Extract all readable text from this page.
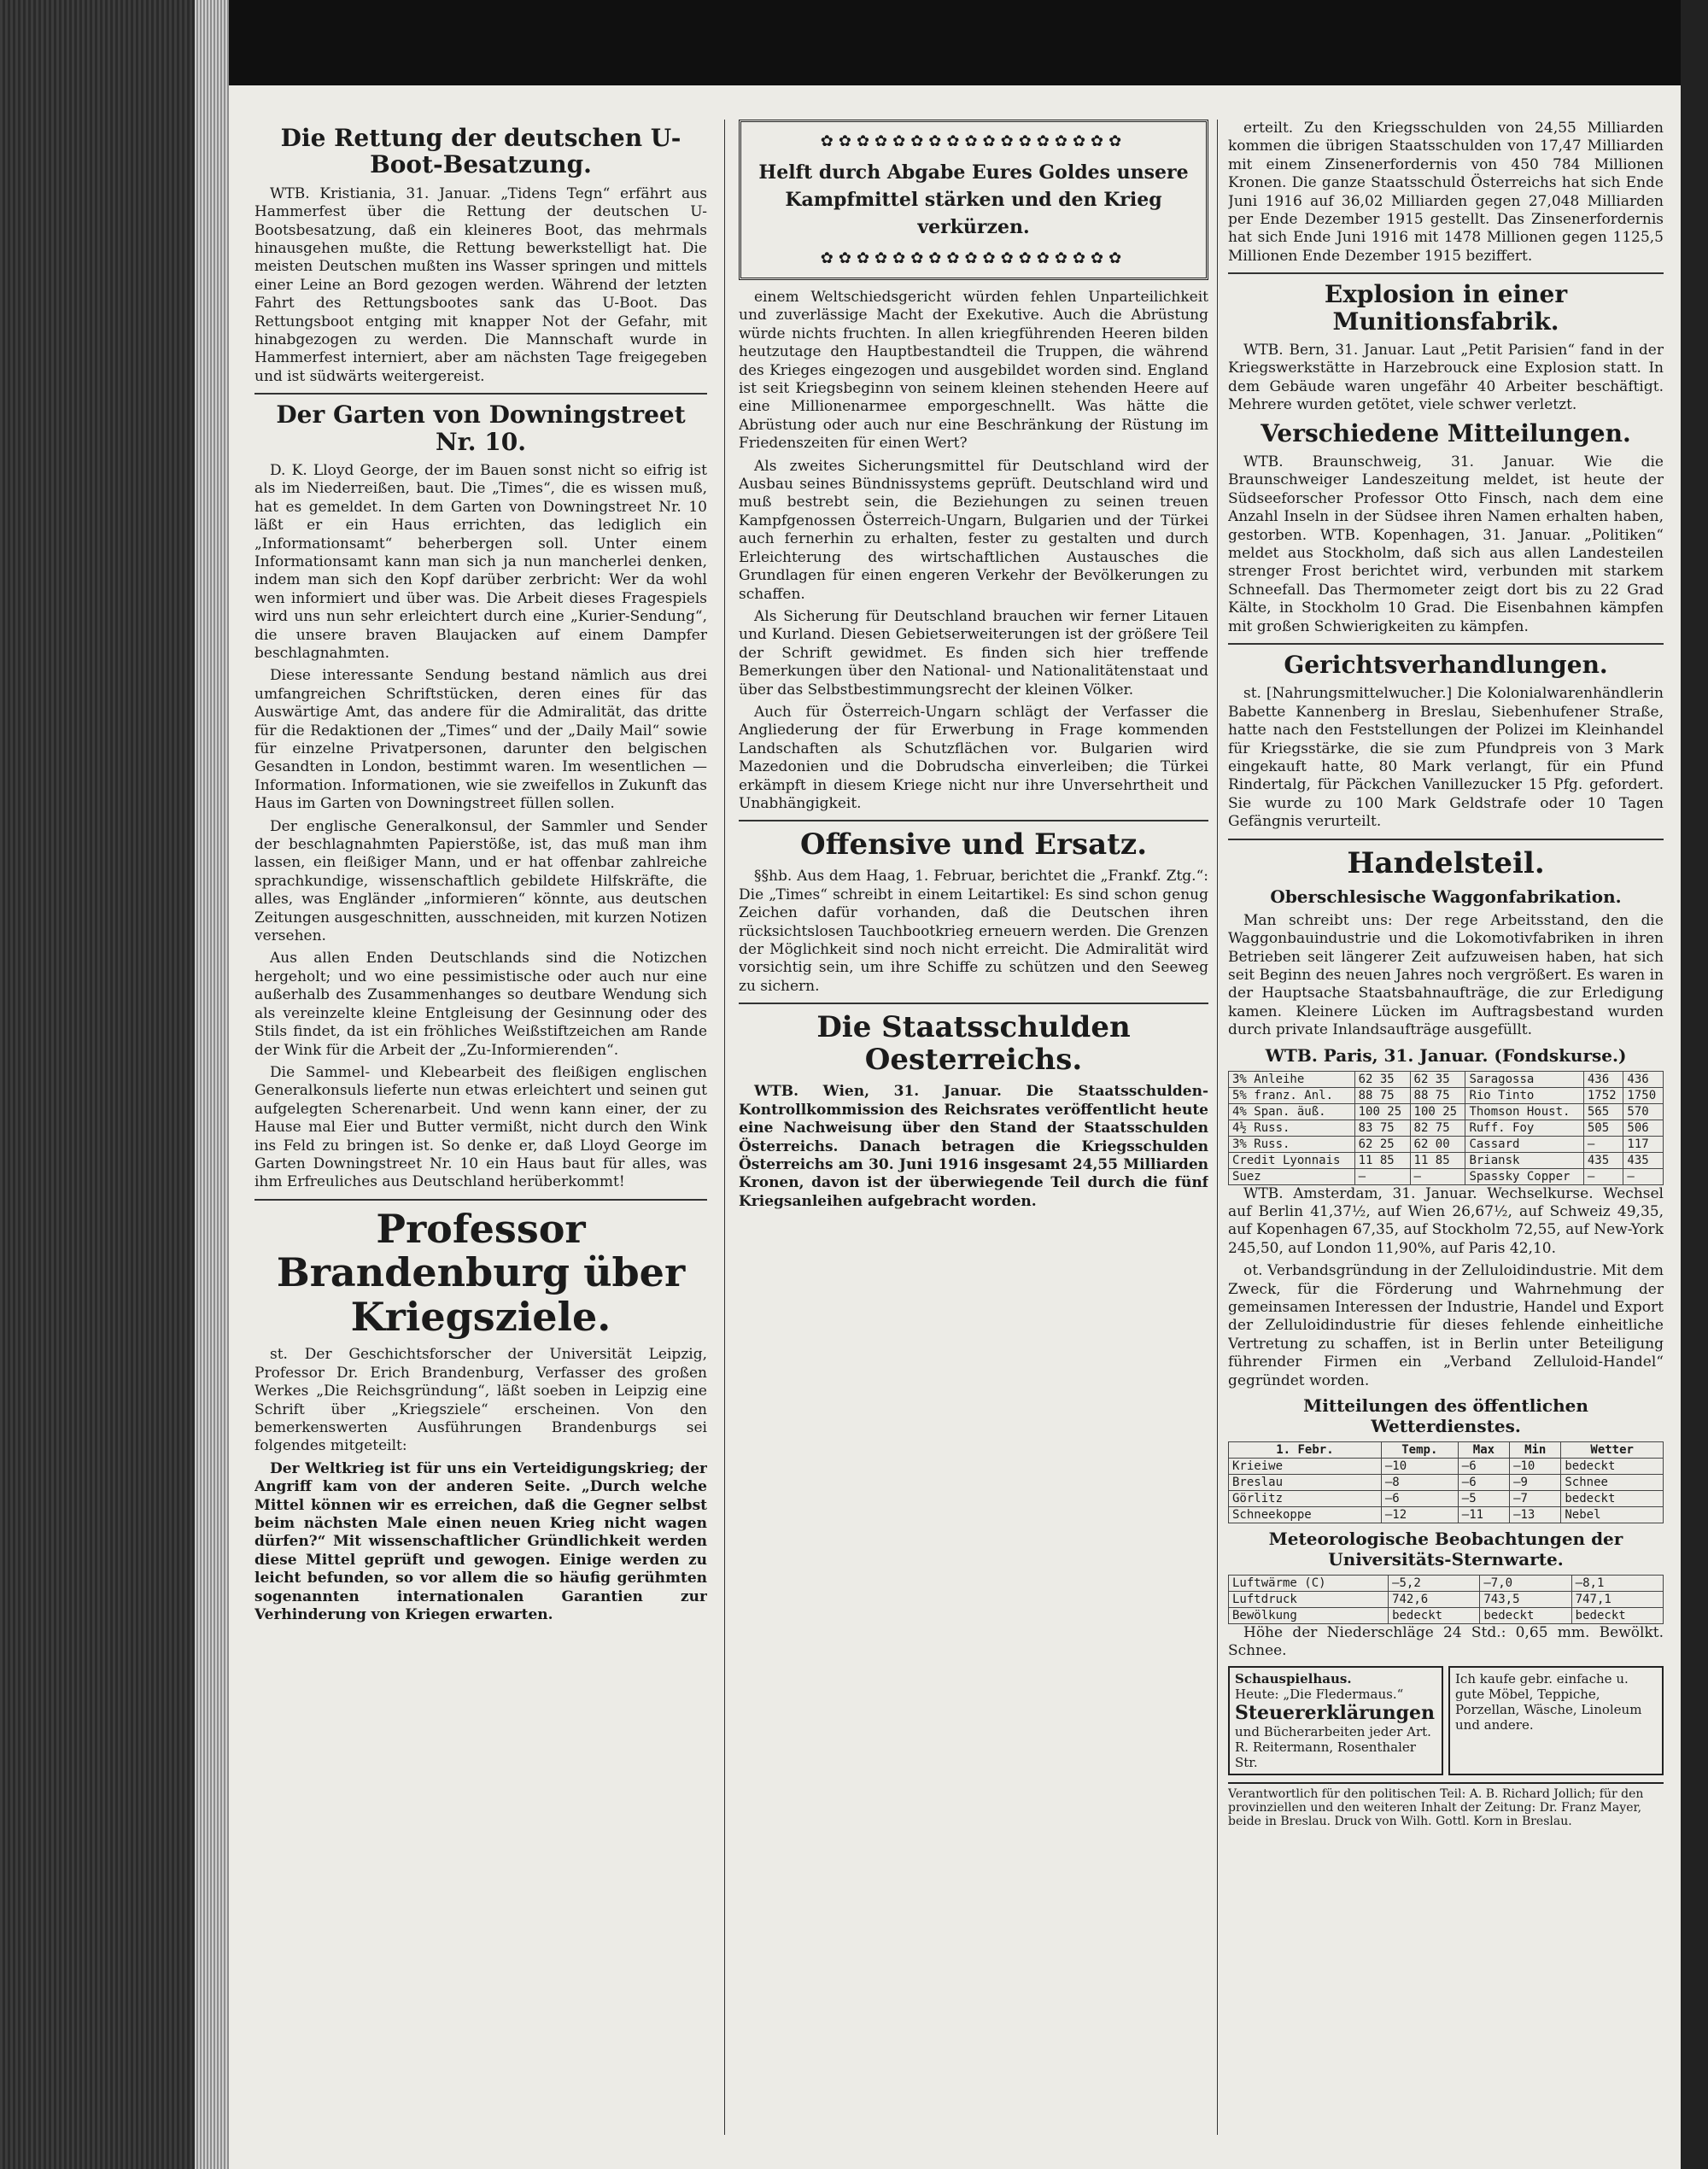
Die Rettung der deutschen U-Boot-Besatzung.

WTB. Kristiania, 31. Januar. „Tidens Tegn“ erfährt aus Hammerfest über die Rettung der deutschen U-Bootsbesatzung, daß ein kleineres Boot, das mehrmals hinausgehen mußte, die Rettung bewerkstelligt hat. Die meisten Deutschen mußten ins Wasser springen und mittels einer Leine an Bord gezogen werden. Während der letzten Fahrt des Rettungsbootes sank das U-Boot. Das Rettungsboot entging mit knapper Not der Gefahr, mit hinabgezogen zu werden. Die Mannschaft wurde in Hammerfest interniert, aber am nächsten Tage freigegeben und ist südwärts weitergereist.

Der Garten von Downingstreet Nr. 10.

D. K. Lloyd George, der im Bauen sonst nicht so eifrig ist als im Niederreißen, baut. Die „Times“, die es wissen muß, hat es gemeldet. In dem Garten von Downingstreet Nr. 10 läßt er ein Haus errichten, das lediglich ein „Informationsamt“ beherbergen soll. Unter einem Informationsamt kann man sich ja nun mancherlei denken, indem man sich den Kopf darüber zerbricht: Wer da wohl wen informiert und über was. Die Arbeit dieses Fragespiels wird uns nun sehr erleichtert durch eine „Kurier-Sendung“, die unsere braven Blaujacken auf einem Dampfer beschlagnahmten.

Diese interessante Sendung bestand nämlich aus drei umfangreichen Schriftstücken, deren eines für das Auswärtige Amt, das andere für die Admiralität, das dritte für die Redaktionen der „Times“ und der „Daily Mail“ sowie für einzelne Privatpersonen, darunter den belgischen Gesandten in London, bestimmt waren. Im wesentlichen — Information. Informationen, wie sie zweifellos in Zukunft das Haus im Garten von Downingstreet füllen sollen.

Der englische Generalkonsul, der Sammler und Sender der beschlagnahmten Papierstöße, ist, das muß man ihm lassen, ein fleißiger Mann, und er hat offenbar zahlreiche sprachkundige, wissenschaftlich gebildete Hilfskräfte, die alles, was Engländer „informieren“ könnte, aus deutschen Zeitungen ausgeschnitten, ausschneiden, mit kurzen Notizen versehen.

Aus allen Enden Deutschlands sind die Notizchen hergeholt; und wo eine pessimistische oder auch nur eine außerhalb des Zusammenhanges so deutbare Wendung sich als vereinzelte kleine Entgleisung der Gesinnung oder des Stils findet, da ist ein fröhliches Weißstiftzeichen am Rande der Wink für die Arbeit der „Zu-Informierenden“.

Die Sammel- und Klebearbeit des fleißigen englischen Generalkonsuls lieferte nun etwas erleichtert und seinen gut aufgelegten Scherenarbeit. Und wenn kann einer, der zu Hause mal Eier und Butter vermißt, nicht durch den Wink ins Feld zu bringen ist. So denke er, daß Lloyd George im Garten Downingstreet Nr. 10 ein Haus baut für alles, was ihm Erfreuliches aus Deutschland herüberkommt!

Professor Brandenburg über Kriegsziele.

st. Der Geschichtsforscher der Universität Leipzig, Professor Dr. Erich Brandenburg, Verfasser des großen Werkes „Die Reichsgründung“, läßt soeben in Leipzig eine Schrift über „Kriegsziele“ erscheinen. Von den bemerkenswerten Ausführungen Brandenburgs sei folgendes mitgeteilt:

Der Weltkrieg ist für uns ein Verteidigungskrieg; der Angriff kam von der anderen Seite. „Durch welche Mittel können wir es erreichen, daß die Gegner selbst beim nächsten Male einen neuen Krieg nicht wagen dürfen?“ Mit wissenschaftlicher Gründlichkeit werden diese Mittel geprüft und gewogen. Einige werden zu leicht befunden, so vor allem die so häufig gerühmten sogenannten internationalen Garantien zur Verhinderung von Kriegen erwarten.

✿✿✿✿✿✿✿✿✿✿✿✿✿✿✿✿✿
Helft durch Abgabe Eures Goldes unsere Kampfmittel stärken und den Krieg verkürzen.
✿✿✿✿✿✿✿✿✿✿✿✿✿✿✿✿✿

einem Weltschiedsgericht würden fehlen Unparteilichkeit und zuverlässige Macht der Exekutive. Auch die Abrüstung würde nichts fruchten. In allen kriegführenden Heeren bilden heutzutage den Hauptbestandteil die Truppen, die während des Krieges eingezogen und ausgebildet worden sind. England ist seit Kriegsbeginn von seinem kleinen stehenden Heere auf eine Millionenarmee emporgeschnellt. Was hätte die Abrüstung oder auch nur eine Beschränkung der Rüstung im Friedenszeiten für einen Wert?

Als zweites Sicherungsmittel für Deutschland wird der Ausbau seines Bündnissystems geprüft. Deutschland wird und muß bestrebt sein, die Beziehungen zu seinen treuen Kampfgenossen Österreich-Ungarn, Bulgarien und der Türkei auch fernerhin zu erhalten, fester zu gestalten und durch Erleichterung des wirtschaftlichen Austausches die Grundlagen für einen engeren Verkehr der Bevölkerungen zu schaffen.

Als Sicherung für Deutschland brauchen wir ferner Litauen und Kurland. Diesen Gebietserweiterungen ist der größere Teil der Schrift gewidmet. Es finden sich hier treffende Bemerkungen über den National- und Nationalitätenstaat und über das Selbstbestimmungsrecht der kleinen Völker.

Auch für Österreich-Ungarn schlägt der Verfasser die Angliederung der für Erwerbung in Frage kommenden Landschaften als Schutzflächen vor. Bulgarien wird Mazedonien und die Dobrudscha einverleiben; die Türkei erkämpft in diesem Kriege nicht nur ihre Unversehrtheit und Unabhängigkeit.

Offensive und Ersatz.

§§hb. Aus dem Haag, 1. Februar, berichtet die „Frankf. Ztg.“: Die „Times“ schreibt in einem Leitartikel: Es sind schon genug Zeichen dafür vorhanden, daß die Deutschen ihren rücksichtslosen Tauchbootkrieg erneuern werden. Die Grenzen der Möglichkeit sind noch nicht erreicht. Die Admiralität wird vorsichtig sein, um ihre Schiffe zu schützen und den Seeweg zu sichern.

Die Staatsschulden Oesterreichs.

WTB. Wien, 31. Januar. Die Staatsschulden-Kontrollkommission des Reichsrates veröffentlicht heute eine Nachweisung über den Stand der Staatsschulden Österreichs. Danach betragen die Kriegsschulden Österreichs am 30. Juni 1916 insgesamt 24,55 Milliarden Kronen, davon ist der überwiegende Teil durch die fünf Kriegsanleihen aufgebracht worden.

erteilt. Zu den Kriegsschulden von 24,55 Milliarden kommen die übrigen Staatsschulden von 17,47 Milliarden mit einem Zinsenerfordernis von 450 784 Millionen Kronen. Die ganze Staatsschuld Österreichs hat sich Ende Juni 1916 auf 36,02 Milliarden gegen 27,048 Milliarden per Ende Dezember 1915 gestellt. Das Zinsenerfordernis hat sich Ende Juni 1916 mit 1478 Millionen gegen 1125,5 Millionen Ende Dezember 1915 beziffert.

Explosion in einer Munitionsfabrik.

WTB. Bern, 31. Januar. Laut „Petit Parisien“ fand in der Kriegswerkstätte in Harzebrouck eine Explosion statt. In dem Gebäude waren ungefähr 40 Arbeiter beschäftigt. Mehrere wurden getötet, viele schwer verletzt.

Verschiedene Mitteilungen.

WTB. Braunschweig, 31. Januar. Wie die Braunschweiger Landeszeitung meldet, ist heute der Südseeforscher Professor Otto Finsch, nach dem eine Anzahl Inseln in der Südsee ihren Namen erhalten haben, gestorben. WTB. Kopenhagen, 31. Januar. „Politiken“ meldet aus Stockholm, daß sich aus allen Landesteilen strenger Frost berichtet wird, verbunden mit starkem Schneefall. Das Thermometer zeigt dort bis zu 22 Grad Kälte, in Stockholm 10 Grad. Die Eisenbahnen kämpfen mit großen Schwierigkeiten zu kämpfen.

Gerichtsverhandlungen.

st. [Nahrungsmittelwucher.] Die Kolonialwarenhändlerin Babette Kannenberg in Breslau, Siebenhufener Straße, hatte nach den Feststellungen der Polizei im Kleinhandel für Kriegsstärke, die sie zum Pfundpreis von 3 Mark eingekauft hatte, 80 Mark verlangt, für ein Pfund Rindertalg, für Päckchen Vanillezucker 15 Pfg. gefordert. Sie wurde zu 100 Mark Geldstrafe oder 10 Tagen Gefängnis verurteilt.

Handelsteil.
Oberschlesische Waggonfabrikation.

Man schreibt uns: Der rege Arbeitsstand, den die Waggonbauindustrie und die Lokomotivfabriken in ihren Betrieben seit längerer Zeit aufzuweisen haben, hat sich seit Beginn des neuen Jahres noch vergrößert. Es waren in der Hauptsache Staatsbahnaufträge, die zur Erledigung kamen. Kleinere Lücken im Auftragsbestand wurden durch private Inlandsaufträge ausgefüllt.

WTB. Paris, 31. Januar. (Fondskurse.)
3% Anleihe	62 35	62 35	Saragossa	436	436
5% franz. Anl.	88 75	88 75	Rio Tinto	1752	1750
4% Span. äuß.	100 25	100 25	Thomson Houst.	565	570
4½ Russ.	83 75	82 75	Ruff. Foy	505	506
3% Russ.	62 25	62 00	Cassard	—	117
Credit Lyonnais	11 85	11 85	Briansk	435	435
Suez	—	—	Spassky Copper	—	—

WTB. Amsterdam, 31. Januar. Wechselkurse. Wechsel auf Berlin 41,37½, auf Wien 26,67½, auf Schweiz 49,35, auf Kopenhagen 67,35, auf Stockholm 72,55, auf New-York 245,50, auf London 11,90%, auf Paris 42,10.

ot. Verbandsgründung in der Zelluloidindustrie. Mit dem Zweck, für die Förderung und Wahrnehmung der gemeinsamen Interessen der Industrie, Handel und Export der Zelluloidindustrie für dieses fehlende einheitliche Vertretung zu schaffen, ist in Berlin unter Beteiligung führender Firmen ein „Verband Zelluloid-Handel“ gegründet worden.

Mitteilungen des öffentlichen Wetterdienstes.
1. Febr.	Temp.	Max	Min	Wetter
Krieiwe	—10	—6	—10	bedeckt
Breslau	—8	—6	—9	Schnee
Görlitz	—6	—5	—7	bedeckt
Schneekoppe	—12	—11	—13	Nebel
Meteorologische Beobachtungen der Universitäts-Sternwarte.
Luftwärme (C)	—5,2	—7,0	—8,1
Luftdruck	742,6	743,5	747,1
Bewölkung	bedeckt	bedeckt	bedeckt

Höhe der Niederschläge 24 Std.: 0,65 mm. Bewölkt. Schnee.

Schauspielhaus.
Heute: „Die Fledermaus.“
Steuererklärungen
und Bücherarbeiten jeder Art. R. Reitermann, Rosenthaler Str.
Ich kaufe gebr. einfache u. gute Möbel, Teppiche, Porzellan, Wäsche, Linoleum und andere.
Verantwortlich für den politischen Teil: A. B. Richard Jollich; für den provinziellen und den weiteren Inhalt der Zeitung: Dr. Franz Mayer, beide in Breslau. Druck von Wilh. Gottl. Korn in Breslau.
